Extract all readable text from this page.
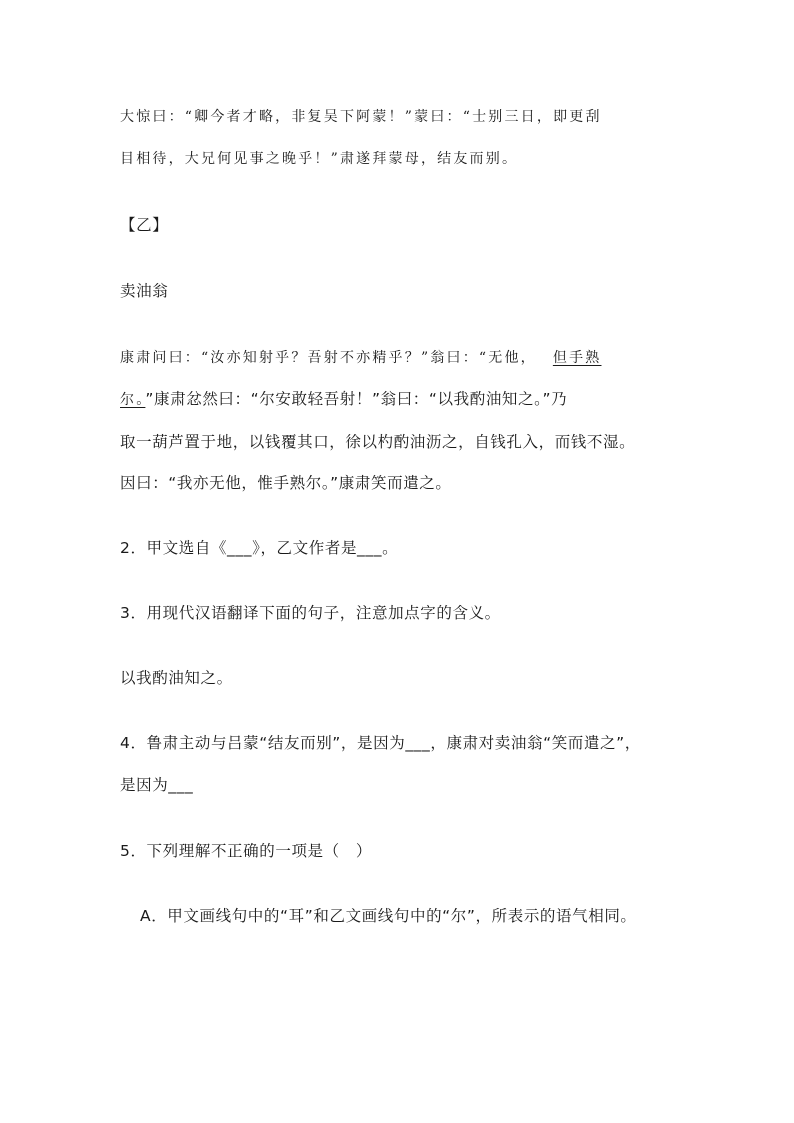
大惊曰：“卿今者才略，非复吴下阿蒙！”蒙曰：“士别三日，即更刮
目相待，大兄何见事之晚乎！”肃遂拜蒙母，结友而别。
【乙】
卖油翁
康肃问曰：“汝亦知射乎？吾射不亦精乎？”翁曰：“无他， 但手熟
尔。”康肃忿然曰：“尔安敢轻吾射！”翁曰：“以我酌油知之。”乃
取一葫芦置于地，以钱覆其口，徐以杓酌油沥之，自钱孔入，而钱不湿。
因曰：“我亦无他，惟手熟尔。”康肃笑而遣之。
2．甲文选自《___》，乙文作者是___。
3．用现代汉语翻译下面的句子，注意加点字的含义。
以我酌油知之。
4．鲁肃主动与吕蒙“结友而别”，是因为___，康肃对卖油翁“笑而遣之”，
是因为___
5．下列理解不正确的一项是（　）
A．甲文画线句中的“耳”和乙文画线句中的“尔”，所表示的语气相同。
